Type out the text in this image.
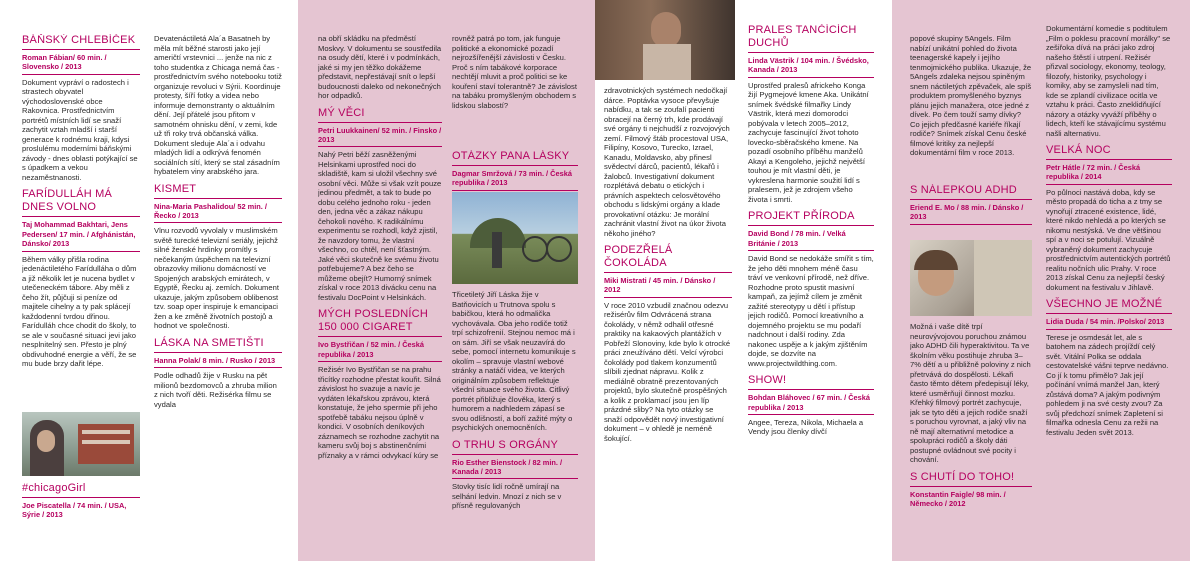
BÁŇSKÝ CHLEBÍČEK
Roman Fábian/ 60 min. / Slovensko / 2013
Dokument vypráví o radostech i strastech obyvatel východoslovenské obce Rakovnica. Prostřednictvím portrétů místních lidí se snaží zachytit vztah mladší i starší generace k rodnému kraji, kdysi proslulému moderními báňskými závody - dnes oblasti potýkající se s úpadkem a vekou nezaměstnanosti.
FARÍDULLÁH MÁ DNES VOLNO
Taj Mohammad Bakhtari, Jens Pedersen/ 17 min. / Afghánistán, Dánsko/ 2013
Během války přišla rodina jedenáctiletého Farídulláha o dům a již několik let je nucena bydlet v utečeneckém tábore. Aby měli z čeho žít, půjčuji si peníze od majitele cihelny a ty pak splácejí každodenní tvrdou dřinou. Farídulláh chce chodit do školy, to se ale v současné situaci jevi jako nesplnitelný sen. Přesto je plný obdivuhodné energie a věří, že se mu bude brzy dařit lépe.
#chicagoGirl
Joe Piscatella / 74 min. / USA, Sýrie / 2013
Devatenáctiletá Ala´a Basatneh by měla mít běžné starosti jako její američtí vrstevnici ... jenže na nic z toho studentka z Chicaga nemá čas - prostřednictvím svého notebooku totiž organizuje revoluci v Sýrii. Koordinuje protesty, šíří fotky a videa nebo informuje demonstranty o aktuálním dění. Její přátelé jsou přitom v samotném ohnisku dění, v zemi, kde už tři roky trvá občanská válka. Dokument sleduje Ala´a i odvahu mladých lidí a odkrývá fenomén sociálních sítí, který se stal zásadním hybatelem viny arabského jara.
KISMET
Nina-Maria Pashalidou/ 52 min. / Řecko / 2013
Vlnu rozvodů vyvolaly v muslimském světě turecké televizní seriály, jejichž silné ženské hrdinky promítly s nečekaným úspěchem na televizní obrazovky milionu domácností ve Spojených arabských emirátech, v Egyptě, Řecku aj. zemích. Dokument ukazuje, jakým způsobem oblibenost tzv. soap oper inspiruje k emancipaci žen a ke změně životních postojů a hodnot ve společnosti.
LÁSKA NA SMETIŠTI
Hanna Polak/ 8 min. / Rusko / 2013
Podle odhadů žije v Rusku na pět milionů bezdomovců a zhruba milion z nich tvoří děti. Režisérka filmu se vydala
na obří skládku na předměstí Moskvy. V dokumentu se soustředila na osudy dětí, které i v podmínkách, jaké si my jen těžko dokážeme představit, nepřestávají snít o lepší budoucnosti daleko od nekonečných hor odpadků.
MÝ VĚCI
Petri Luukkainen/ 52 min. / Finsko / 2013
Nahý Petri běží zasněženými Helsinkami uprostřed noci do skladiště, kam si uložil všechny své osobní věci. Může si však vzít pouze jedinou předmět, a tak to bude po dobu celého jednoho roku - jeden den, jedna věc a zákaz nákupu čehokoli nového. K radikálnímu experimentu se rozhodl, když zjistil, že navzdory tomu, že vlastní všechno, co chtěl, není šťastným. Jaké věci skutečně ke svému životu potřebujeme? A bez čeho se můžeme obejít? Humorný snímek získal v roce 2013 divácku cenu na festivalu DocPoint v Helsinkách.
MÝCH POSLEDNÍCH 150 000 CIGARET
Ivo Bystřičan / 52 min. / Česká republika / 2013
Režisér Ivo Bystřičan se na prahu třicítky rozhodne přestat kouřit. Silná závislost ho svazuje a navíc je vydáten lékařskou zprávou, která konstatuje, že jeho spermie při jeho spotřebě tabáku nejsou úplně v kondici. V osobních deníkových záznamech se rozhodne zachytit na kameru svůj boj s abstinenčními příznaky a v rámci odvykací kúry se
rovněž patrá po tom, jak funguje politické a ekonomické pozadí nejrozšířenější závislosti v Česku. Proč s ním tabákové korporace nechtějí mluvit a proč politici se ke kouření staví tolerantně? Je závislost na tabáku promyšleným obchodem s lidskou slabostí?
OTÁZKY PANA LÁSKY
Dagmar Smržová / 73 min. / Česká republika / 2013
Třicetiletý Jiří Láska žije v Batňovicích u Trutnova spolu s babičkou, která ho odmalička vychovávala. Oba jeho rodiče totiž trpí schizofrenií. Stejnou nemoc má i on sám. Jiří se však neuzavírá do sebe, pomocí internetu komunikuje s okolím – spravuje vlastní webové stránky a natáčí videa, ve kterých originálním způsobem reflektuje všední situace svého života. Citlivý portrét přibližuje člověka, který s humorem a nadhledem zápasí se svou odlišností, a boří zažité mýty o psychických onemocněních.
O TRHU S ORGÁNY
Rio Esther Bienstock / 82 min. / Kanada / 2013
Stovky tisíc lidí ročně umírají na selhání ledvin. Mnozí z nich se v přísně regulovaných
zdravotnických systémech nedočkají dárce. Poptávka vysoce převyšuje nabídku, a tak se zoufalí pacienti obracejí na černý trh, kde prodávají své orgány ti nejchudší z rozvojových zemí. Filmový štáb procestoval USA, Filipíny, Kosovo, Turecko, Izrael, Kanadu, Moldavsko, aby přinesl svědectví dárců, pacientů, lékařů i žalobců. Investigativní dokument rozplétává debatu o etických i právních aspektech celosvětového obchodu s lidskými orgány a klade provokativní otázku: Je morální zachránit vlastní život na úkor života někoho jiného?
PODEZŘELÁ ČOKOLÁDA
Miki Mistrati / 45 min. / Dánsko / 2012
V roce 2010 vzbudil značnou odezvu režisérův film Odvrácená strana čokolády, v němž odhalil otřesné praktiky na kakaových plantážích v Pobřeží Slonoviny, kde bylo k otrocké práci zneužíváno dětí. Velcí výrobci čokolády pod tlakem konzumentů slíbili zjednat nápravu. Kolik z mediálně obratně prezentovaných projektů, bylo skutečně prospěšných a kolik z proklamací jsou jen líp prázdné sliby? Na tyto otázky se snaží odpovědět nový investigativní dokument – v ohledě je neméně šokující.
PRALES TANČÍCÍCH DUCHŮ
Linda Västrik / 104 min. / Švédsko, Kanada / 2013
Uprostřed pralesů africkeho Konga žijí Pygmejové kmene Aka. Unikátní snímek švédské filmařky Lindy Västrik, která mezi domorodci pobývala v letech 2005–2012, zachycuje fascinující život tohoto lovecko-sběračského kmene. Na pozadí osobního příběhu manželů Akayi a Kengoleho, jejichž největší touhou je mít vlastní děti, je vykreslena harmonie soužití lidí s pralesem, jež je zdrojem všeho života i smrti.
PROJEKT PŘÍRODA
David Bond / 78 min. / Velká Británie / 2013
David Bond se nedokáže smířit s tím, že jeho děti mnohem méně času tráví ve venkovní přírodě, než dříve. Rozhodne proto spustit masivní kampaň, za jejímž cílem je změnit zažité stereotypy u dětí i přístup jejich rodičů. Pomocí kreativního a dojemného projektu se mu podaří nadchnout i další rodiny. Zda nakonec uspěje a k jakým zjištěním dojde, se dozvíte na www.projectwildthing.com.
SHOW!
Bohdan Bláhovec / 67 min. / Česká republika / 2013
Angee, Tereza, Nikola, Michaela a Vendy jsou členky dívčí
popové skupiny 5Angels. Film nabízí unikátní pohled do života teenagerské kapely i jejího tenmojmického publika. Ukazuje, že 5Angels zdaleka nejsou spiněným snem náctiletých zpěvaček, ale spíš produktem promyšleného byznys plánu jejich manažera, otce jedné z dívek. Po čem touží samy dívky? Co jejich předčasné kariéře říkají rodiče? Snímek získal Cenu české filmové kritiky za nejlepší dokumentární film v roce 2013.
S NÁLEPKOU ADHD
Eriend E. Mo / 88 min. / Dánsko / 2013
Možná i vaše dítě trpí neurovývojovou poruchou známou jako ADHD čili hyperaktivitou. Ta ve školním věku postihuje zhruba 3–7% dětí a u přibližně poloviny z nich přetrvává do dospělosti. Lékaři často těmto dětem předepisují léky, které usměrňují činnost mozku. Křehký filmový portrét zachycuje, jak se tyto děti a jejich rodiče snaží s poruchou vyrovnat, a jaký vliv na ně mají alternativní metodice a spolupráci rodičů a školy dáti postupné ovládnout své pocity i chování.
S CHUTÍ DO TOHO!
Konstantin Faigle/ 98 min. / Německo / 2012
Dokumentární komedie s podtitulem „Film o poklesu pracovní morálky" se zešiřoka dívá na práci jako zdroj našeho štěstí i utrpení. Režisér přizval sociology, ekonomy, teology, filozofy, historiky, psychology i komiky, aby se zamysleli nad tím, kde se zplandí civilizace ocitla ve vztahu k práci. Často zneklidňující názory a otázky vyváží příběhy o lidech, kteří ke stávajícímu systému našli alternativu.
VELKÁ NOC
Petr Hátle / 72 min. / Česká republika / 2014
Po půlnoci nastává doba, kdy se město propadá do ticha a z tmy se vynořují ztracené existence, lidé, které nikdo nehledá a po kterých se nikomu nestýská. Ve dne většinou spí a v noci se potulují. Vizuálně vybraněný dokument zachycuje prostřednictvím autentických portrétů realitu nočních ulic Prahy. V roce 2013 získal Cenu za nejlepší český dokument na festivalu v Jihlavě.
VŠECHNO JE MOŽNÉ
Lidia Duda / 54 min. /Polsko/ 2013
Terese je osmdesát let, ale s batohem na zádech projíždí celý svět. Vitální Polka se oddala cestovatelské vášni teprve nedávno. Co jí k tomu přimělo? Jak její počínání vnímá manžel Jan, který zůstává doma? A jakým podivným pohledem ji na své cesty zvou? Za svůj předchozí snímek Zapletení si filmařka odnesla Cenu za režii na festivalu Jeden svět 2013.
